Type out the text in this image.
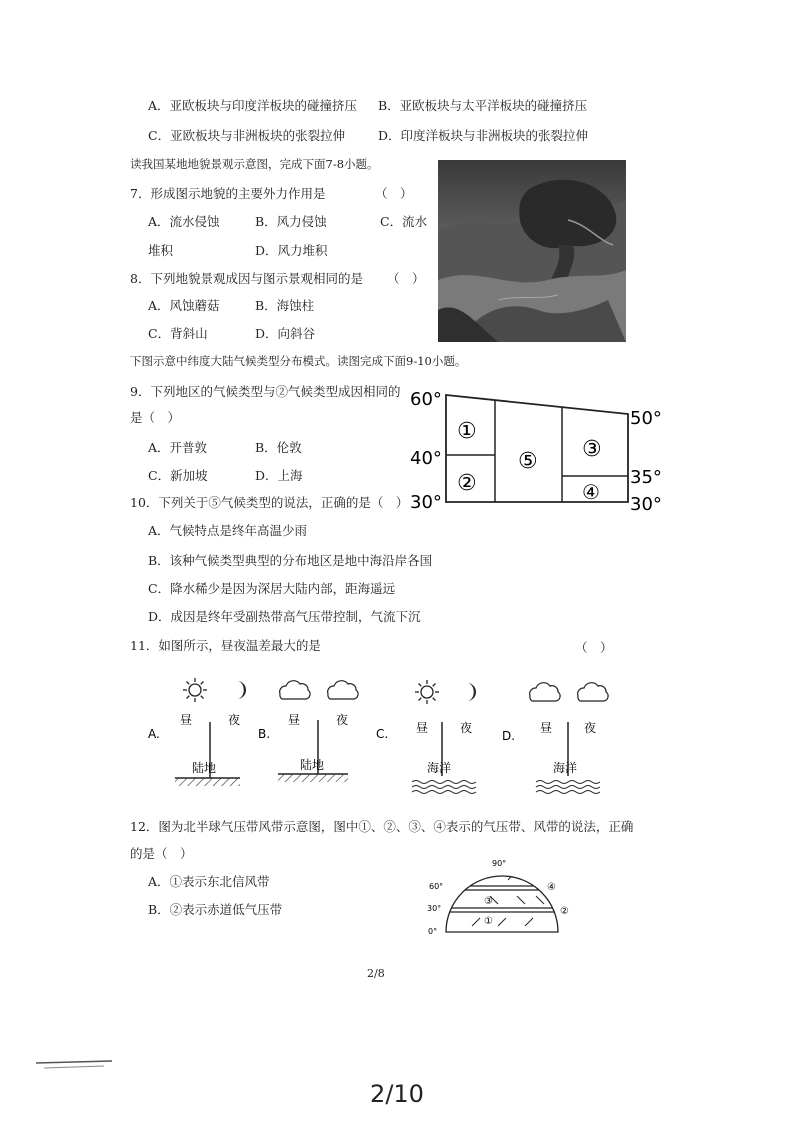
A．亚欧板块与印度洋板块的碰撞挤压 B．亚欧板块与太平洋板块的碰撞挤压
C．亚欧板块与非洲板块的张裂拉伸	D．印度洋板块与非洲板块的张裂拉伸
读我国某地地貌景观示意图，完成下面7-8小题。
7．形成图示地貌的主要外力作用是	（　）
A．流水侵蚀	B．风力侵蚀	C．流水
堆积	D．风力堆积
8．下列地貌景观成因与图示景观相同的是 （　）
A．风蚀蘑菇	B．海蚀柱
C．背斜山	D．向斜谷
下图示意中纬度大陆气候类型分布模式。读图完成下面9-10小题。
9．下列地区的气候类型与②气候类型成因相同的
是（　）
A．开普敦	B．伦敦
C．新加坡	D．上海
60°
40°
30°
50°
35°
30°
①
②
⑤ ③
④
10．下列关于⑤气候类型的说法，正确的是（　）
A．气候特点是终年高温少雨
B．该种气候类型典型的分布地区是地中海沿岸各国
C．降水稀少是因为深居大陆内部，距海遥远
D．成因是终年受副热带高气压带控制，气流下沉
11．如图所示，昼夜温差最大的是	（　）
A.
昼	夜
陆地
B.
昼	夜
陆地
C. 昼	夜
海洋
D.
昼	夜
海洋
12．图为北半球气压带风带示意图，图中①、②、③、④表示的气压带、风带的说法，正确
的是（　）
A．①表示东北信风带
B．②表示赤道低气压带
90°
60°
30°
0°
③
①
④
②
2/8
2/10
